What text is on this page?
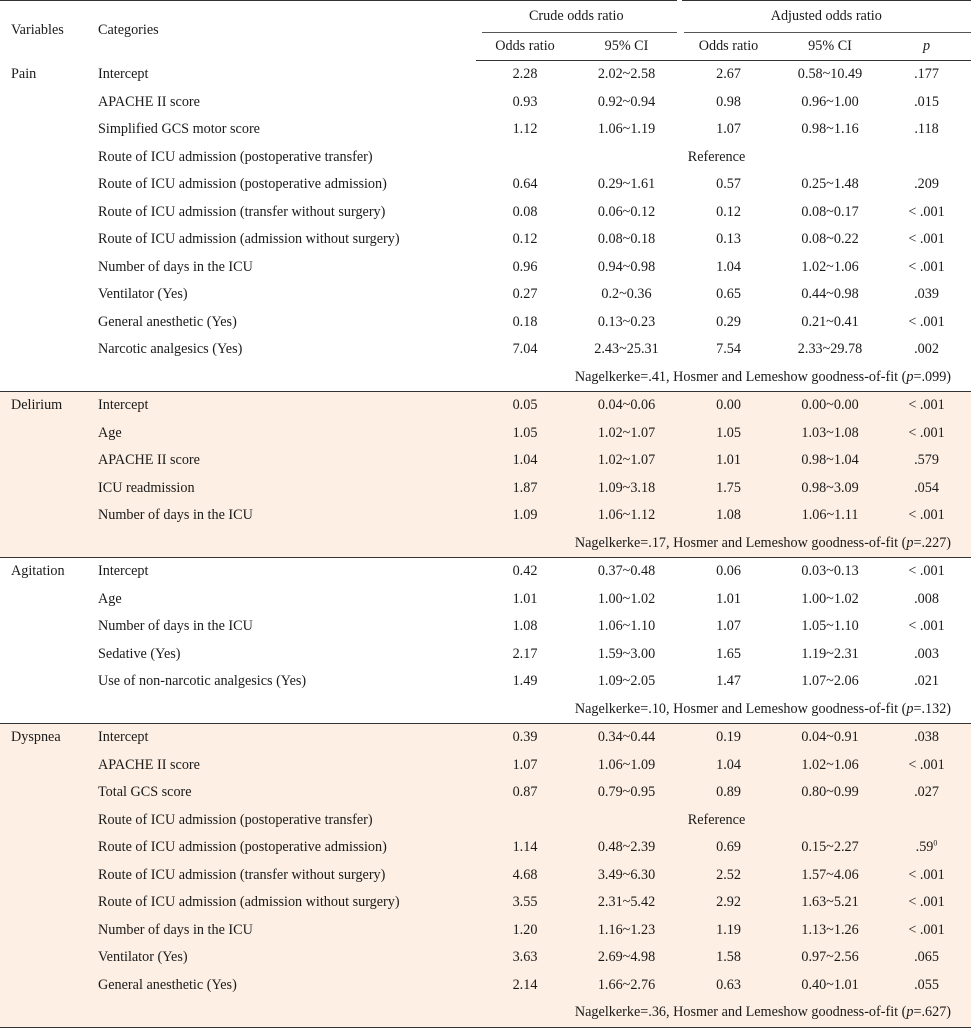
Variables	Categories	Crude odds ratio		Adjusted odds ratio		

		Odds ratio	95% CI	Odds ratio	95% CI	p
Pain	Intercept	2.28	2.02~2.58	2.67	0.58~10.49	.177
	APACHE II score	0.93	0.92~0.94	0.98	0.96~1.00	.015
	Simplified GCS motor score	1.12	1.06~1.19	1.07	0.98~1.16	.118
	Route of ICU admission (postoperative transfer)	Reference				
	Route of ICU admission (postoperative admission)	0.64	0.29~1.61	0.57	0.25~1.48	.209
	Route of ICU admission (transfer without surgery)	0.08	0.06~0.12	0.12	0.08~0.17	< .001
	Route of ICU admission (admission without surgery)	0.12	0.08~0.18	0.13	0.08~0.22	< .001
	Number of days in the ICU	0.96	0.94~0.98	1.04	1.02~1.06	< .001
	Ventilator (Yes)	0.27	0.2~0.36	0.65	0.44~0.98	.039
	General anesthetic (Yes)	0.18	0.13~0.23	0.29	0.21~0.41	< .001
	Narcotic analgesics (Yes)	7.04	2.43~25.31	7.54	2.33~29.78	.002
	Nagelkerke=.41, Hosmer and Lemeshow goodness-of-fit (p=.099)					
Delirium	Intercept	0.05	0.04~0.06	0.00	0.00~0.00	< .001
	Age	1.05	1.02~1.07	1.05	1.03~1.08	< .001
	APACHE II score	1.04	1.02~1.07	1.01	0.98~1.04	.579
	ICU readmission	1.87	1.09~3.18	1.75	0.98~3.09	.054
	Number of days in the ICU	1.09	1.06~1.12	1.08	1.06~1.11	< .001
	Nagelkerke=.17, Hosmer and Lemeshow goodness-of-fit (p=.227)					
Agitation	Intercept	0.42	0.37~0.48	0.06	0.03~0.13	< .001
	Age	1.01	1.00~1.02	1.01	1.00~1.02	.008
	Number of days in the ICU	1.08	1.06~1.10	1.07	1.05~1.10	< .001
	Sedative (Yes)	2.17	1.59~3.00	1.65	1.19~2.31	.003
	Use of non-narcotic analgesics (Yes)	1.49	1.09~2.05	1.47	1.07~2.06	.021
	Nagelkerke=.10, Hosmer and Lemeshow goodness-of-fit (p=.132)					
Dyspnea	Intercept	0.39	0.34~0.44	0.19	0.04~0.91	.038
	APACHE II score	1.07	1.06~1.09	1.04	1.02~1.06	< .001
	Total GCS score	0.87	0.79~0.95	0.89	0.80~0.99	.027
	Route of ICU admission (postoperative transfer)	Reference				
	Route of ICU admission (postoperative admission)	1.14	0.48~2.39	0.69	0.15~2.27	$.59^0$
	Route of ICU admission (transfer without surgery)	4.68	3.49~6.30	2.52	1.57~4.06	< .001
	Route of ICU admission (admission without surgery)	3.55	2.31~5.42	2.92	1.63~5.21	< .001
	Number of days in the ICU	1.20	1.16~1.23	1.19	1.13~1.26	< .001
	Ventilator (Yes)	3.63	2.69~4.98	1.58	0.97~2.56	.065
	General anesthetic (Yes)	2.14	1.66~2.76	0.63	0.40~1.01	.055
	Nagelkerke=.36, Hosmer and Lemeshow goodness-of-fit (p=.627)					
